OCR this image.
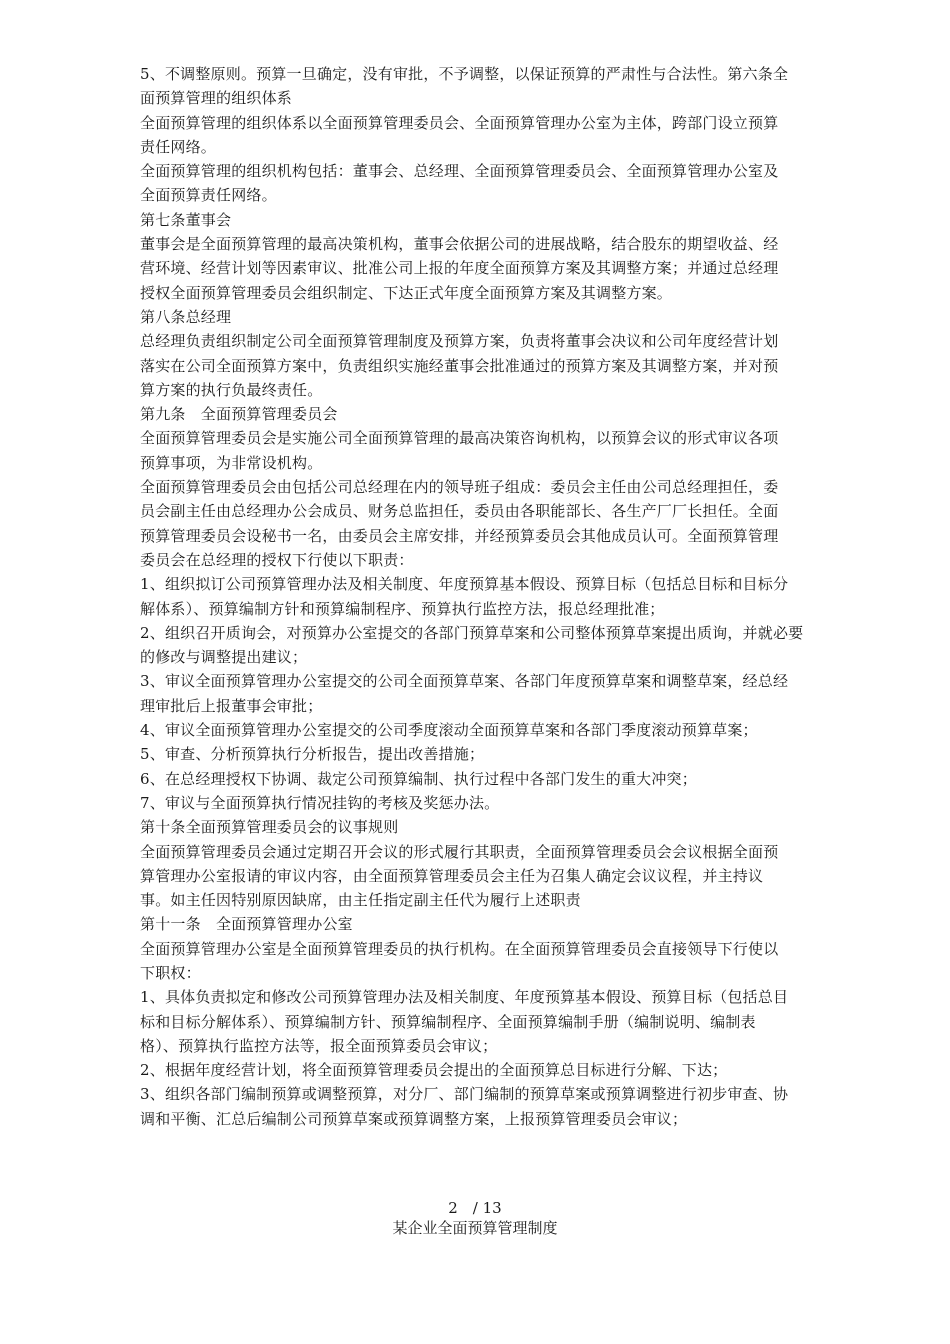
5、不调整原则。预算一旦确定，没有审批，不予调整，以保证预算的严肃性与合法性。第六条全
面预算管理的组织体系
全面预算管理的组织体系以全面预算管理委员会、全面预算管理办公室为主体，跨部门设立预算
责任网络。
全面预算管理的组织机构包括：董事会、总经理、全面预算管理委员会、全面预算管理办公室及
全面预算责任网络。
第七条董事会
董事会是全面预算管理的最高决策机构，董事会依据公司的进展战略，结合股东的期望收益、经
营环境、经营计划等因素审议、批准公司上报的年度全面预算方案及其调整方案；并通过总经理
授权全面预算管理委员会组织制定、下达正式年度全面预算方案及其调整方案。
第八条总经理
总经理负责组织制定公司全面预算管理制度及预算方案，负责将董事会决议和公司年度经营计划
落实在公司全面预算方案中，负责组织实施经董事会批准通过的预算方案及其调整方案，并对预
算方案的执行负最终责任。
第九条　全面预算管理委员会
全面预算管理委员会是实施公司全面预算管理的最高决策咨询机构，以预算会议的形式审议各项
预算事项，为非常设机构。
全面预算管理委员会由包括公司总经理在内的领导班子组成：委员会主任由公司总经理担任，委
员会副主任由总经理办公会成员、财务总监担任，委员由各职能部长、各生产厂厂长担任。全面
预算管理委员会设秘书一名，由委员会主席安排，并经预算委员会其他成员认可。全面预算管理
委员会在总经理的授权下行使以下职责：
1、组织拟订公司预算管理办法及相关制度、年度预算基本假设、预算目标（包括总目标和目标分
解体系）、预算编制方针和预算编制程序、预算执行监控方法，报总经理批准；
2、组织召开质询会，对预算办公室提交的各部门预算草案和公司整体预算草案提出质询，并就必要
的修改与调整提出建议；
3、审议全面预算管理办公室提交的公司全面预算草案、各部门年度预算草案和调整草案，经总经
理审批后上报董事会审批；
4、审议全面预算管理办公室提交的公司季度滚动全面预算草案和各部门季度滚动预算草案；
5、审查、分析预算执行分析报告，提出改善措施；
6、在总经理授权下协调、裁定公司预算编制、执行过程中各部门发生的重大冲突；
7、审议与全面预算执行情况挂钩的考核及奖惩办法。
第十条全面预算管理委员会的议事规则
全面预算管理委员会通过定期召开会议的形式履行其职责，全面预算管理委员会会议根据全面预
算管理办公室报请的审议内容，由全面预算管理委员会主任为召集人确定会议议程，并主持议
事。如主任因特别原因缺席，由主任指定副主任代为履行上述职责
第十一条　全面预算管理办公室
全面预算管理办公室是全面预算管理委员的执行机构。在全面预算管理委员会直接领导下行使以
下职权：
1、具体负责拟定和修改公司预算管理办法及相关制度、年度预算基本假设、预算目标（包括总目
标和目标分解体系）、预算编制方针、预算编制程序、全面预算编制手册（编制说明、编制表
格）、预算执行监控方法等，报全面预算委员会审议；
2、根据年度经营计划，将全面预算管理委员会提出的全面预算总目标进行分解、下达；
3、组织各部门编制预算或调整预算，对分厂、部门编制的预算草案或预算调整进行初步审查、协
调和平衡、汇总后编制公司预算草案或预算调整方案，上报预算管理委员会审议；
2　/ 13
某企业全面预算管理制度
